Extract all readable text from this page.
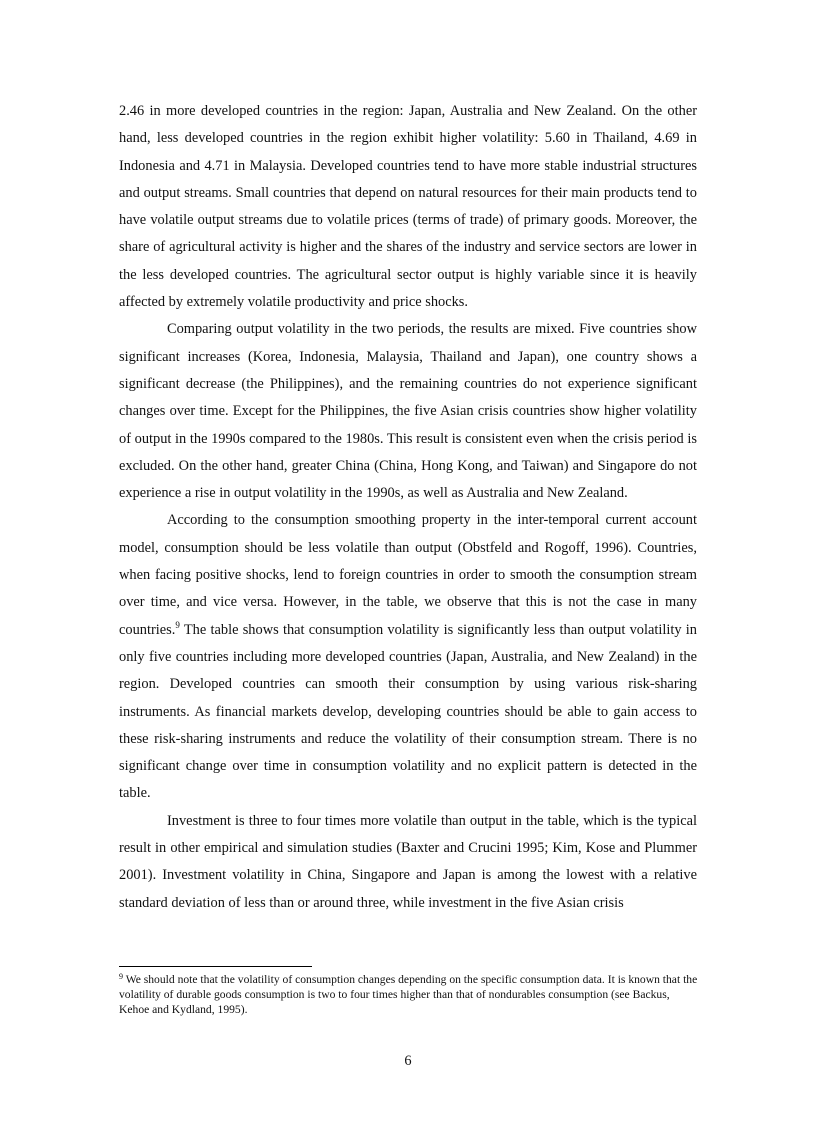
2.46 in more developed countries in the region: Japan, Australia and New Zealand. On the other hand, less developed countries in the region exhibit higher volatility: 5.60 in Thailand, 4.69 in Indonesia and 4.71 in Malaysia. Developed countries tend to have more stable industrial structures and output streams. Small countries that depend on natural resources for their main products tend to have volatile output streams due to volatile prices (terms of trade) of primary goods. Moreover, the share of agricultural activity is higher and the shares of the industry and service sectors are lower in the less developed countries. The agricultural sector output is highly variable since it is heavily affected by extremely volatile productivity and price shocks.

Comparing output volatility in the two periods, the results are mixed. Five countries show significant increases (Korea, Indonesia, Malaysia, Thailand and Japan), one country shows a significant decrease (the Philippines), and the remaining countries do not experience significant changes over time. Except for the Philippines, the five Asian crisis countries show higher volatility of output in the 1990s compared to the 1980s. This result is consistent even when the crisis period is excluded. On the other hand, greater China (China, Hong Kong, and Taiwan) and Singapore do not experience a rise in output volatility in the 1990s, as well as Australia and New Zealand.

According to the consumption smoothing property in the inter-temporal current account model, consumption should be less volatile than output (Obstfeld and Rogoff, 1996). Countries, when facing positive shocks, lend to foreign countries in order to smooth the consumption stream over time, and vice versa. However, in the table, we observe that this is not the case in many countries.$^9$ The table shows that consumption volatility is significantly less than output volatility in only five countries including more developed countries (Japan, Australia, and New Zealand) in the region. Developed countries can smooth their consumption by using various risk-sharing instruments. As financial markets develop, developing countries should be able to gain access to these risk-sharing instruments and reduce the volatility of their consumption stream. There is no significant change over time in consumption volatility and no explicit pattern is detected in the table.

Investment is three to four times more volatile than output in the table, which is the typical result in other empirical and simulation studies (Baxter and Crucini 1995; Kim, Kose and Plummer 2001). Investment volatility in China, Singapore and Japan is among the lowest with a relative standard deviation of less than or around three, while investment in the five Asian crisis

$^9$ We should note that the volatility of consumption changes depending on the specific consumption data. It is known that the volatility of durable goods consumption is two to four times higher than that of nondurables consumption (see Backus, Kehoe and Kydland, 1995).
6
